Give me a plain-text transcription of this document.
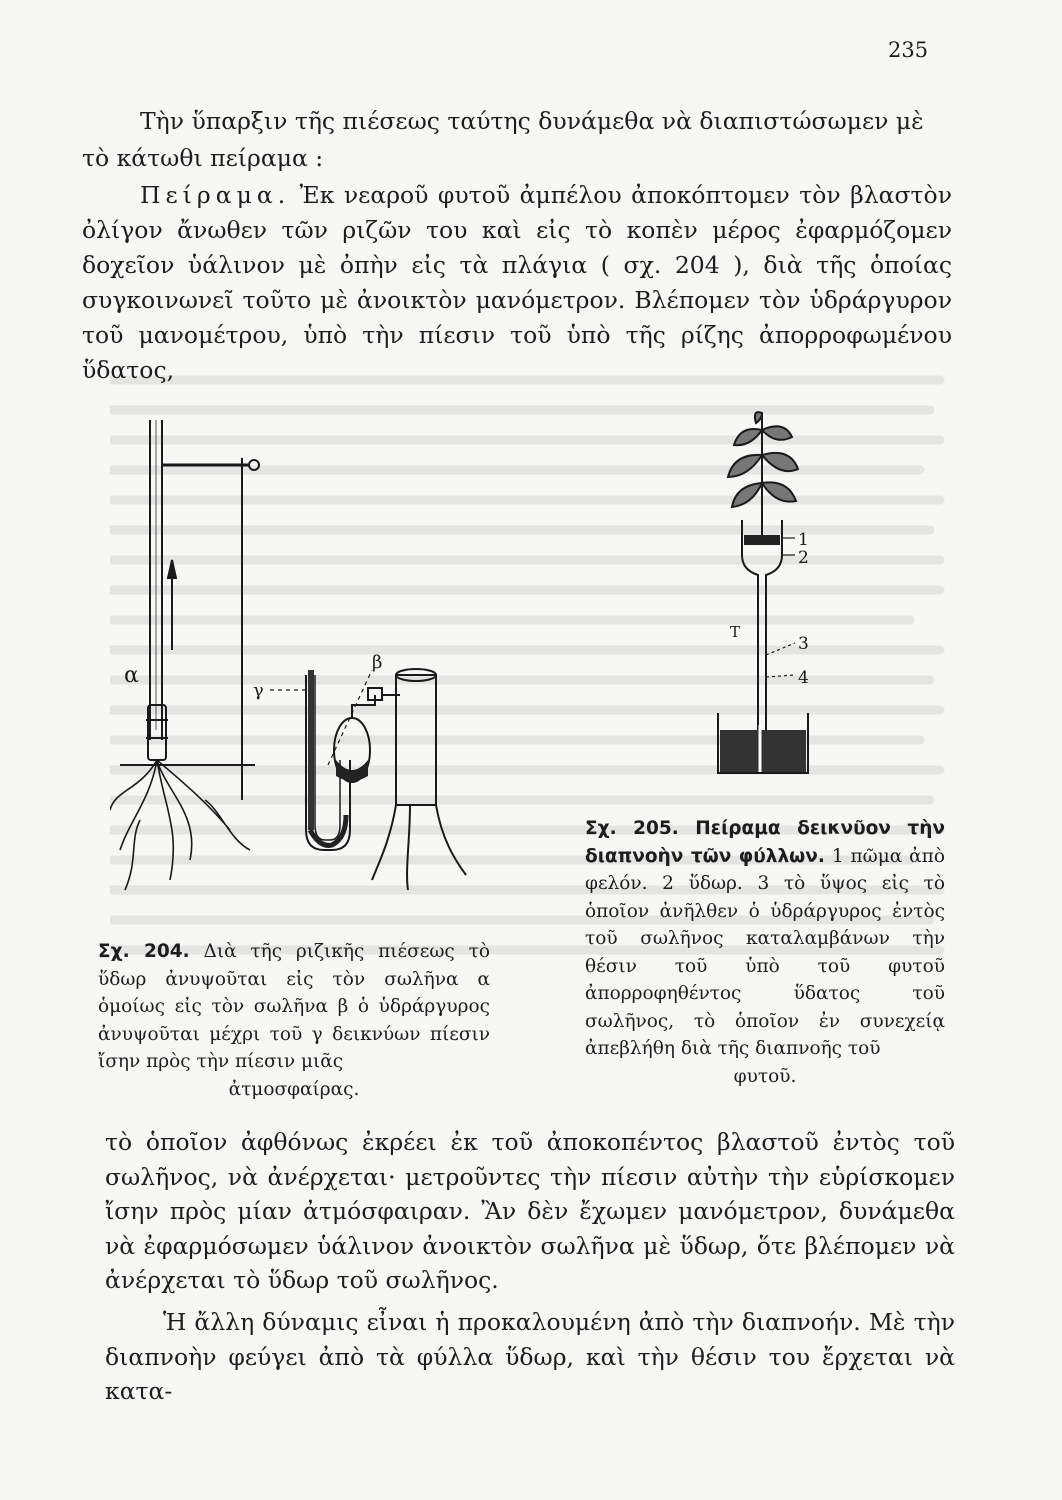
235
Τὴν ὕπαρξιν τῆς πιέσεως ταύτης δυνάμεθα νὰ διαπιστώσωμεν μὲ
τὸ κάτωθι πείραμα :
Πείραμα. Ἐκ νεαροῦ φυτοῦ ἀμπέλου ἀποκόπτομεν τὸν βλαστὸν ὀλίγον ἄνωθεν τῶν ριζῶν του καὶ εἰς τὸ κοπὲν μέρος ἐφαρμόζομεν δοχεῖον ὑάλινον μὲ ὀπὴν εἰς τὰ πλάγια ( σχ. 204 ), διὰ τῆς ὁποίας συγκοινωνεῖ τοῦτο μὲ ἀνοικτὸν μανόμετρον. Βλέπομεν τὸν ὑδράργυρον τοῦ μανομέτρου, ὑπὸ τὴν πίεσιν τοῦ ὑπὸ τῆς ρίζης ἀπορροφωμένου ὕδατος,
α
β
γ
1
2
3
4
Τ
Σχ. 204. Διὰ τῆς ριζικῆς πιέσεως τὸ ὕδωρ ἀνυψοῦται εἰς τὸν σωλῆνα α ὁμοίως εἰς τὸν σωλῆνα β ὁ ὑδράργυρος ἀνυψοῦται μέχρι τοῦ γ δεικνύων πίεσιν ἴσην πρὸς τὴν πίεσιν μιᾶς
ἀτμοσφαίρας.
Σχ. 205. Πείραμα δεικνῦον τὴν διαπνοὴν τῶν φύλλων. 1 πῶμα ἀπὸ φελόν. 2 ὕδωρ. 3 τὸ ὕψος εἰς τὸ ὁποῖον ἀνῆλθεν ὁ ὑδράργυρος ἐντὸς τοῦ σωλῆνος καταλαμβάνων τὴν θέσιν τοῦ ὑπὸ τοῦ φυτοῦ ἀπορροφηθέντος ὕδατος τοῦ σωλῆνος, τὸ ὁποῖον ἐν συνεχείᾳ ἀπεβλήθη διὰ τῆς διαπνοῆς τοῦ
φυτοῦ.
τὸ ὁποῖον ἀφθόνως ἐκρέει ἐκ τοῦ ἀποκοπέντος βλαστοῦ ἐντὸς τοῦ σωλῆνος, νὰ ἀνέρχεται· μετροῦντες τὴν πίεσιν αὐτὴν τὴν εὑρίσκομεν ἴσην πρὸς μίαν ἀτμόσφαιραν. Ἂν δὲν ἔχωμεν μανόμετρον, δυνάμεθα νὰ ἐφαρμόσωμεν ὑάλινον ἀνοικτὸν σωλῆνα μὲ ὕδωρ, ὅτε βλέπομεν νὰ ἀνέρχεται τὸ ὕδωρ τοῦ σωλῆνος.
Ἡ ἄλλη δύναμις εἶναι ἡ προκαλουμένη ἀπὸ τὴν διαπνοήν. Μὲ τὴν διαπνοὴν φεύγει ἀπὸ τὰ φύλλα ὕδωρ, καὶ τὴν θέσιν του ἔρχεται νὰ κατα-
